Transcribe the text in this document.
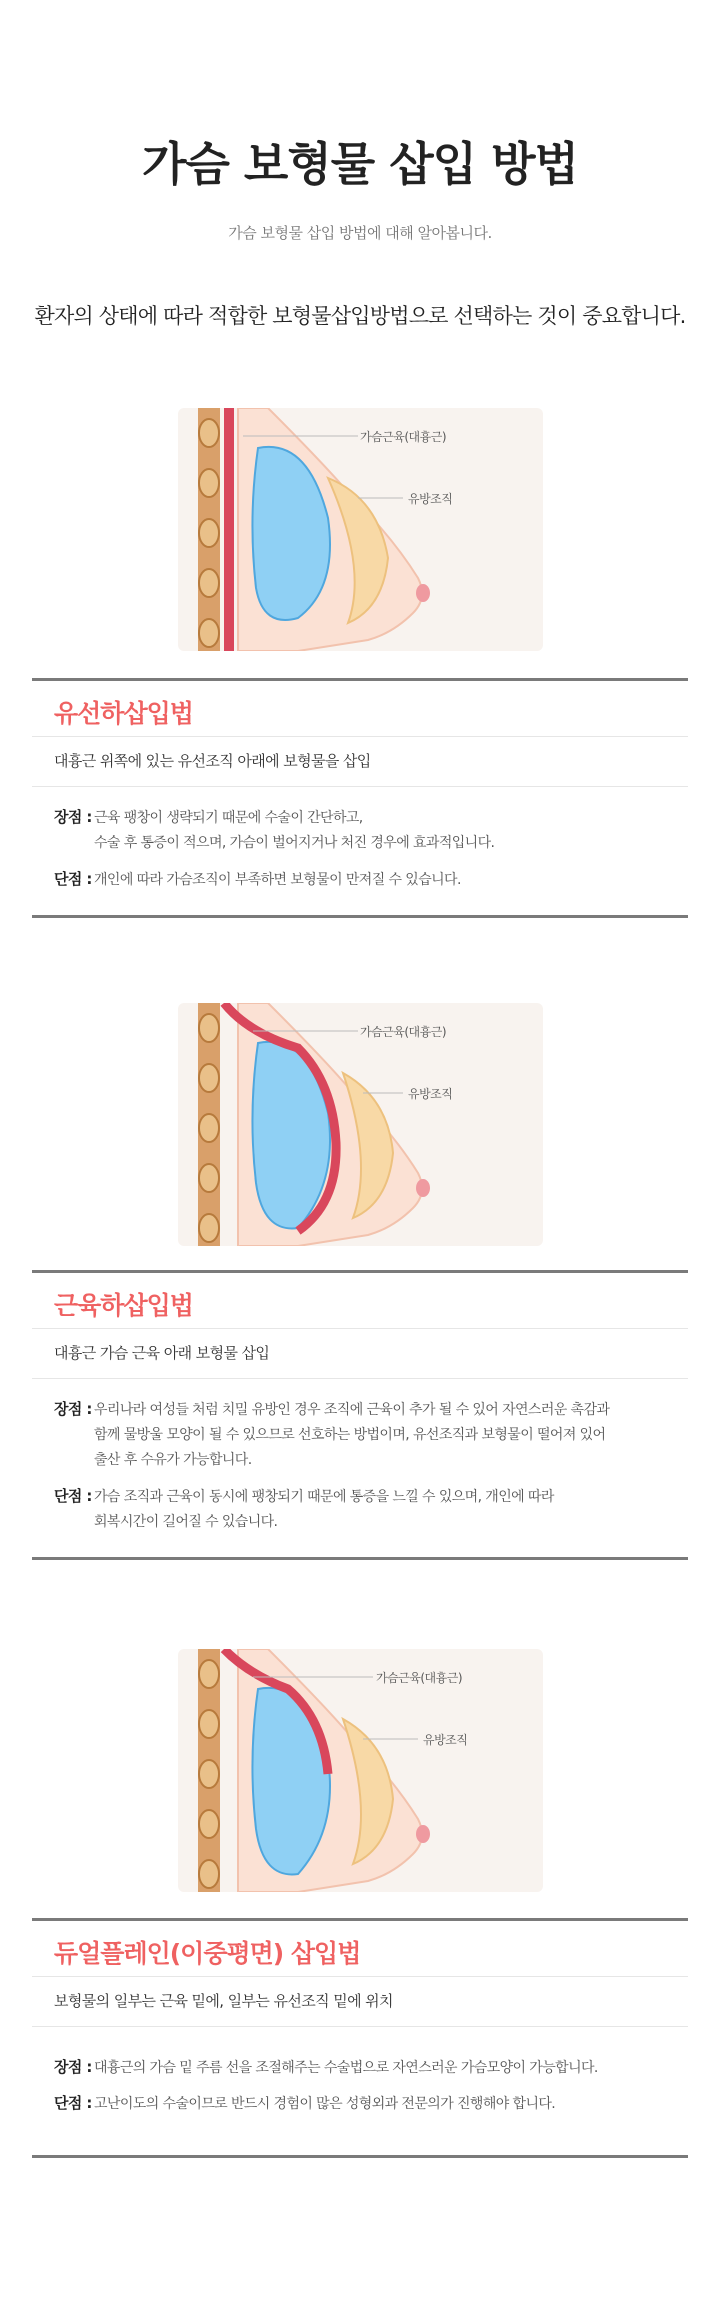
가슴 보형물 삽입 방법
가슴 보형물 삽입 방법에 대해 알아봅니다.
환자의 상태에 따라 적합한 보형물삽입방법으로 선택하는 것이 중요합니다.
가슴근육(대흉근)
유방조직
유선하삽입법
대흉근 위쪽에 있는 유선조직 아래에 보형물을 삽입
장점 : 근육 팽창이 생략되기 때문에 수술이 간단하고,
수술 후 통증이 적으며, 가슴이 벌어지거나 처진 경우에 효과적입니다.
단점 : 개인에 따라 가슴조직이 부족하면 보형물이 만져질 수 있습니다.
가슴근육(대흉근)
유방조직
근육하삽입법
대흉근 가슴 근육 아래 보형물 삽입
장점 : 우리나라 여성들 처럼 치밀 유방인 경우 조직에 근육이 추가 될 수 있어 자연스러운 촉감과
함께 물방울 모양이 될 수 있으므로 선호하는 방법이며, 유선조직과 보형물이 떨어져 있어
출산 후 수유가 가능합니다.
단점 : 가슴 조직과 근육이 동시에 팽창되기 때문에 통증을 느낄 수 있으며, 개인에 따라
회복시간이 길어질 수 있습니다.
가슴근육(대흉근)
유방조직
듀얼플레인(이중평면) 삽입법
보형물의 일부는 근육 밑에, 일부는 유선조직 밑에 위치
장점 : 대흉근의 가슴 밑 주름 선을 조절해주는 수술법으로 자연스러운 가슴모양이 가능합니다.
단점 : 고난이도의 수술이므로 반드시 경험이 많은 성형외과 전문의가 진행해야 합니다.
